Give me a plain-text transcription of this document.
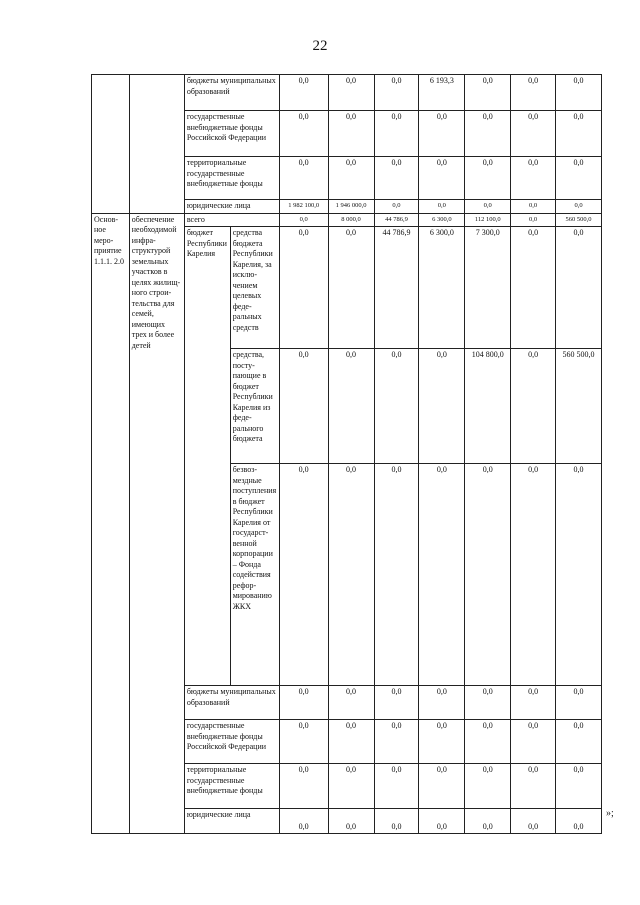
22
		бюджеты муниципальных образований		0,0	0,0	0,0	6 193,3	0,0	0,0	0,0
		государственные внебюджетные фонды Российской Федерации		0,0	0,0	0,0	0,0	0,0	0,0	0,0
		территориальные государственные внебюджетные фонды		0,0	0,0	0,0	0,0	0,0	0,0	0,0
		юридические лица		1 982 100,0	1 946 000,0	0,0	0,0	0,0	0,0	0,0
Основное мероприятие 1.1.1. 2.0	обеспечение необходимой инфраструктурой земельных участков в целях жилищного строительства для семей, имеющих трех и более детей	всего		0,0	8 000,0	44 786,9	6 300,0	112 100,0	0,0	560 500,0
		бюджет Республики Карелия	средства бюджета Республики Карелия, за исключением целевых федеральных средств	0,0	0,0	44 786,9	6 300,0	7 300,0	0,0	0,0
			средства, поступающие в бюджет Республики Карелия из федерального бюджета	0,0	0,0	0,0	0,0	104 800,0	0,0	560 500,0
			безвозмездные поступления в бюджет Республики Карелия от государственной корпорации – Фонда содействия реформированию ЖКХ	0,0	0,0	0,0	0,0	0,0	0,0	0,0
		бюджеты муниципальных образований		0,0	0,0	0,0	0,0	0,0	0,0	0,0
		государственные внебюджетные фонды Российской Федерации		0,0	0,0	0,0	0,0	0,0	0,0	0,0
		территориальные государственные внебюджетные фонды		0,0	0,0	0,0	0,0	0,0	0,0	0,0
		юридические лица		0,0	0,0	0,0	0,0	0,0	0,0	0,0
»;
